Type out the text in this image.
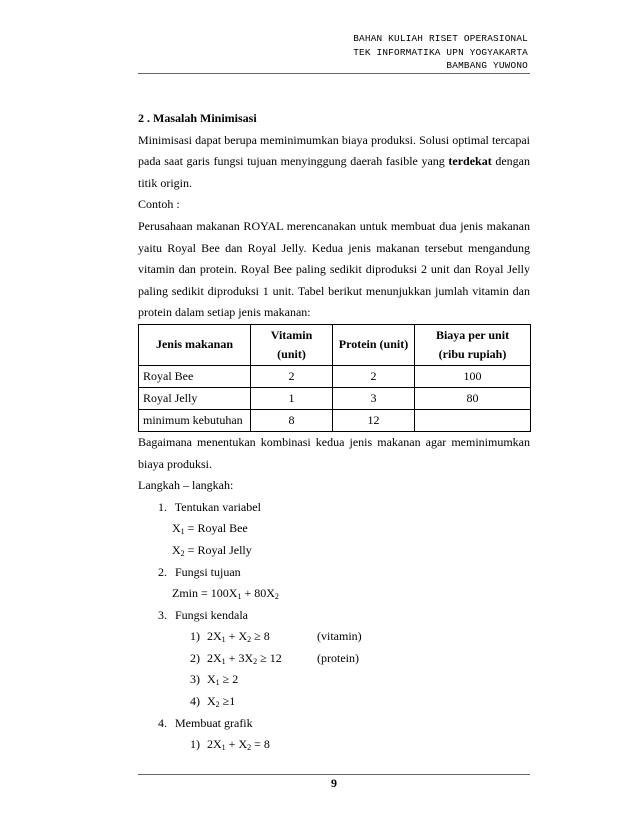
BAHAN KULIAH RISET OPERASIONAL
TEK INFORMATIKA UPN YOGYAKARTA
BAMBANG YUWONO

2 . Masalah Minimisasi

Minimisasi dapat berupa meminimumkan biaya produksi. Solusi optimal tercapai

pada saat garis fungsi tujuan menyinggung daerah fasible yang terdekat dengan

titik origin.

Contoh :

Perusahaan makanan ROYAL merencanakan untuk membuat dua jenis makanan

yaitu Royal Bee dan Royal Jelly. Kedua jenis makanan tersebut mengandung

vitamin dan protein. Royal Bee paling sedikit diproduksi 2 unit dan Royal Jelly

paling sedikit diproduksi 1 unit. Tabel berikut menunjukkan jumlah vitamin dan

protein dalam setiap jenis makanan:

Jenis makanan	Vitamin (unit)	Protein (unit)	Biaya per unit
(ribu rupiah)
Royal Bee	2	2	100
Royal Jelly	1	3	80
minimum kebutuhan	8	12	

Bagaimana menentukan kombinasi kedua jenis makanan agar meminimumkan

biaya produksi.

Langkah – langkah:

1. Tentukan variabel

$X_1$ = Royal Bee

$X_2$ = Royal Jelly

2. Fungsi tujuan

$Zmin = 100X_1 + 80X_2$

3. Fungsi kendala

1) $2X_1 + X_2 \ge 8$	(vitamin)

2) $2X_1 + 3X_2 \ge 12$	(protein)

3) $X_1 \ge 2$

4) $X_2 \ge 1$

4. Membuat grafik

1) $2X_1 + X_2 = 8$

9
